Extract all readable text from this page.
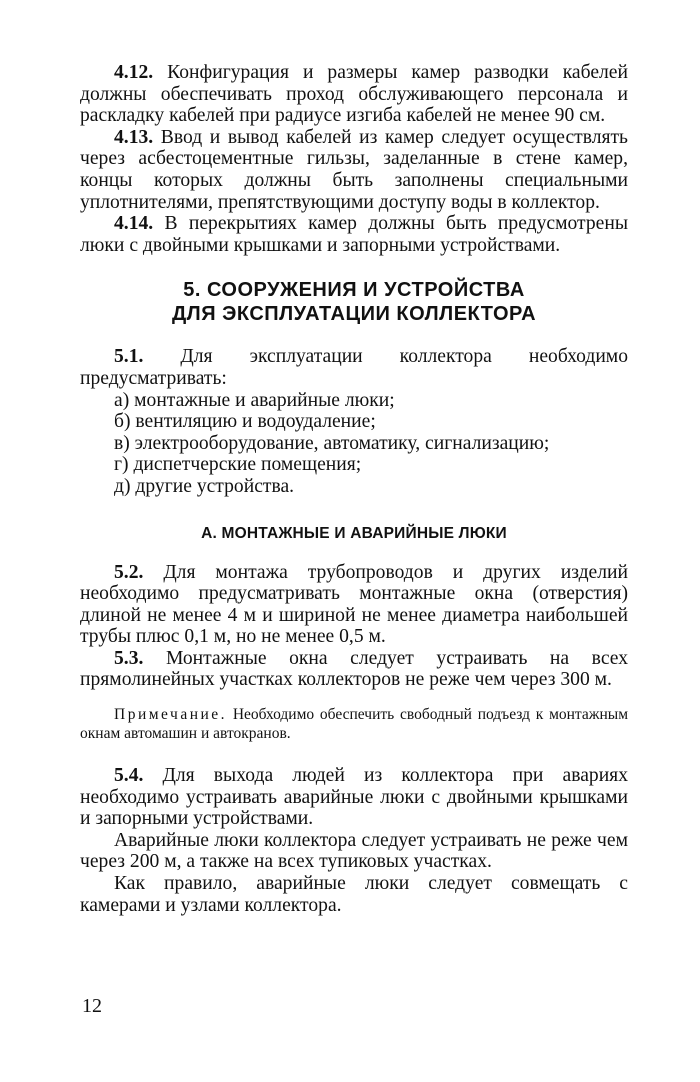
4.12. Конфигурация и размеры камер разводки кабелей должны обеспечивать проход обслуживающего персонала и раскладку кабелей при радиусе изгиба кабелей не менее 90 см.

4.13. Ввод и вывод кабелей из камер следует осуществлять через асбестоцементные гильзы, заделанные в стене камер, концы которых должны быть заполнены специальными уплотнителями, препятствующими доступу воды в коллектор.

4.14. В перекрытиях камер должны быть предусмотрены люки с двойными крышками и запорными устройствами.

5. СООРУЖЕНИЯ И УСТРОЙСТВА
ДЛЯ ЭКСПЛУАТАЦИИ КОЛЛЕКТОРА

5.1. Для эксплуатации коллектора необходимо предусматривать:

а) монтажные и аварийные люки;
б) вентиляцию и водоудаление;
в) электрооборудование, автоматику, сигнализацию;
г) диспетчерские помещения;
д) другие устройства.
А. МОНТАЖНЫЕ И АВАРИЙНЫЕ ЛЮКИ

5.2. Для монтажа трубопроводов и других изделий необходимо предусматривать монтажные окна (отверстия) длиной не менее 4 м и шириной не менее диаметра наибольшей трубы плюс 0,1 м, но не менее 0,5 м.

5.3. Монтажные окна следует устраивать на всех прямолинейных участках коллекторов не реже чем через 300 м.

Примечание. Необходимо обеспечить свободный подъезд к монтажным окнам автомашин и автокранов.

5.4. Для выхода людей из коллектора при авариях необходимо устраивать аварийные люки с двойными крышками и запорными устройствами.

Аварийные люки коллектора следует устраивать не реже чем через 200 м, а также на всех тупиковых участках.

Как правило, аварийные люки следует совмещать с камерами и узлами коллектора.

12
